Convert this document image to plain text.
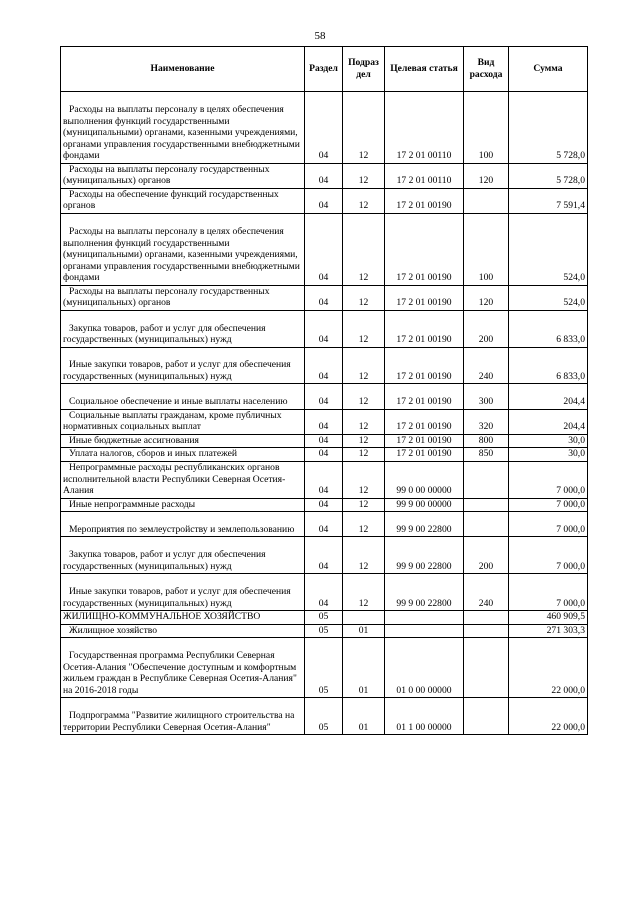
58
Наименование	Раздел	Подраз дел	Целевая статья	Вид расхода	Сумма
Расходы на выплаты персоналу в целях обеспечения выполнения функций государственными (муниципальными) органами, казенными учреждениями, органами управления государственными внебюджетными фондами	04	12	17 2 01 00110	100	5 728,0
Расходы на выплаты персоналу государственных (муниципальных) органов	04	12	17 2 01 00110	120	5 728,0
Расходы на обеспечение функций государственных органов	04	12	17 2 01 00190		7 591,4
Расходы на выплаты персоналу в целях обеспечения выполнения функций государственными (муниципальными) органами, казенными учреждениями, органами управления государственными внебюджетными фондами	04	12	17 2 01 00190	100	524,0
Расходы на выплаты персоналу государственных (муниципальных) органов	04	12	17 2 01 00190	120	524,0
Закупка товаров, работ и услуг для обеспечения государственных (муниципальных) нужд	04	12	17 2 01 00190	200	6 833,0
Иные закупки товаров, работ и услуг для обеспечения государственных (муниципальных) нужд	04	12	17 2 01 00190	240	6 833,0
Социальное обеспечение и иные выплаты населению	04	12	17 2 01 00190	300	204,4
Социальные выплаты гражданам, кроме публичных нормативных социальных выплат	04	12	17 2 01 00190	320	204,4
Иные бюджетные ассигнования	04	12	17 2 01 00190	800	30,0
Уплата налогов, сборов и иных платежей	04	12	17 2 01 00190	850	30,0
Непрограммные расходы республиканских органов исполнительной власти Республики Северная Осетия-Алания	04	12	99 0 00 00000		7 000,0
Иные непрограммные расходы	04	12	99 9 00 00000		7 000,0
Мероприятия по землеустройству и землепользованию	04	12	99 9 00 22800		7 000,0
Закупка товаров, работ и услуг для обеспечения государственных (муниципальных) нужд	04	12	99 9 00 22800	200	7 000,0
Иные закупки товаров, работ и услуг для обеспечения государственных (муниципальных) нужд	04	12	99 9 00 22800	240	7 000,0
ЖИЛИЩНО-КОММУНАЛЬНОЕ ХОЗЯЙСТВО	05				460 909,5
Жилищное хозяйство	05	01			271 303,3
Государственная программа Республики Северная Осетия-Алания "Обеспечение доступным и комфортным жильем граждан в Республике Северная Осетия-Алания" на 2016-2018 годы	05	01	01 0 00 00000		22 000,0
Подпрограмма "Развитие жилищного строительства на территории Республики Северная Осетия-Алания"	05	01	01 1 00 00000		22 000,0
